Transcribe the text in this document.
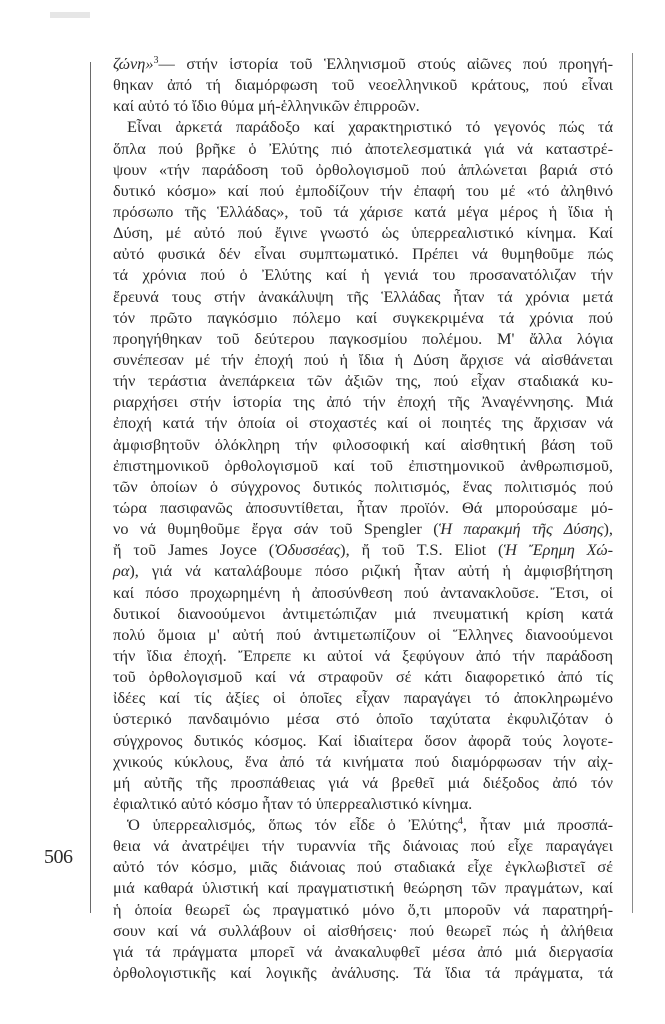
ζώνη»$^3$— στήν ἱστορία τοῦ Ἑλληνισμοῦ στούς αἰῶνες πού προηγή-
θηκαν ἀπό τή διαμόρφωση τοῦ νεοελληνικοῦ κράτους, πού εἶναι
καί αὐτό τό ἴδιο θύμα μή-ἑλληνικῶν ἐπιρροῶν.
Εἶναι ἀρκετά παράδοξο καί χαρακτηριστικό τό γεγονός πώς τά
ὅπλα πού βρῆκε ὁ Ἐλύτης πιό ἀποτελεσματικά γιά νά καταστρέ-
ψουν «τήν παράδοση τοῦ ὀρθολογισμοῦ πού ἁπλώνεται βαριά στό
δυτικό κόσμο» καί πού ἐμποδίζουν τήν ἐπαφή του μέ «τό ἀληθινό
πρόσωπο τῆς Ἑλλάδας», τοῦ τά χάρισε κατά μέγα μέρος ἡ ἴδια ἡ
Δύση, μέ αὐτό πού ἔγινε γνωστό ὡς ὑπερρεαλιστικό κίνημα. Καί
αὐτό φυσικά δέν εἶναι συμπτωματικό. Πρέπει νά θυμηθοῦμε πώς
τά χρόνια πού ὁ Ἐλύτης καί ἡ γενιά του προσανατόλιζαν τήν
ἔρευνά τους στήν ἀνακάλυψη τῆς Ἑλλάδας ἦταν τά χρόνια μετά
τόν πρῶτο παγκόσμιο πόλεμο καί συγκεκριμένα τά χρόνια πού
προηγήθηκαν τοῦ δεύτερου παγκοσμίου πολέμου. Μ' ἄλλα λόγια
συνέπεσαν μέ τήν ἐποχή πού ἡ ἴδια ἡ Δύση ἄρχισε νά αἰσθάνεται
τήν τεράστια ἀνεπάρκεια τῶν ἀξιῶν της, πού εἶχαν σταδιακά κυ-
ριαρχήσει στήν ἱστορία της ἀπό τήν ἐποχή τῆς Ἀναγέννησης. Μιά
ἐποχή κατά τήν ὁποία οἱ στοχαστές καί οἱ ποιητές της ἄρχισαν νά
ἀμφισβητοῦν ὁλόκληρη τήν φιλοσοφική καί αἰσθητική βάση τοῦ
ἐπιστημονικοῦ ὀρθολογισμοῦ καί τοῦ ἐπιστημονικοῦ ἀνθρωπισμοῦ,
τῶν ὁποίων ὁ σύγχρονος δυτικός πολιτισμός, ἕνας πολιτισμός πού
τώρα πασιφανῶς ἀποσυντίθεται, ἦταν προϊόν. Θά μπορούσαμε μό-
νο νά θυμηθοῦμε ἔργα σάν τοῦ Spengler (Ἡ παρακμή τῆς Δύσης),
ἤ τοῦ James Joyce (Ὀδυσσέας), ἤ τοῦ T.S. Eliot (Ἡ Ἔρημη Χώ-
ρα), γιά νά καταλάβουμε πόσο ριζική ἦταν αὐτή ἡ ἀμφισβήτηση
καί πόσο προχωρημένη ἡ ἀποσύνθεση πού ἀντανακλοῦσε. Ἔτσι, οἱ
δυτικοί διανοούμενοι ἀντιμετώπιζαν μιά πνευματική κρίση κατά
πολύ ὅμοια μ' αὐτή πού ἀντιμετωπίζουν οἱ Ἕλληνες διανοούμενοι
τήν ἴδια ἐποχή. Ἔπρεπε κι αὐτοί νά ξεφύγουν ἀπό τήν παράδοση
τοῦ ὀρθολογισμοῦ καί νά στραφοῦν σέ κάτι διαφορετικό ἀπό τίς
ἰδέες καί τίς ἀξίες οἱ ὁποῖες εἶχαν παραγάγει τό ἀποκληρωμένο
ὑστερικό πανδαιμόνιο μέσα στό ὁποῖο ταχύτατα ἐκφυλιζόταν ὁ
σύγχρονος δυτικός κόσμος. Καί ἰδιαίτερα ὅσον ἀφορᾶ τούς λογοτε-
χνικούς κύκλους, ἕνα ἀπό τά κινήματα πού διαμόρφωσαν τήν αἰχ-
μή αὐτῆς τῆς προσπάθειας γιά νά βρεθεῖ μιά διέξοδος ἀπό τόν
ἐφιαλτικό αὐτό κόσμο ἦταν τό ὑπερρεαλιστικό κίνημα.
Ὁ ὑπερρεαλισμός, ὅπως τόν εἶδε ὁ Ἐλύτης$^4$, ἦταν μιά προσπά-
θεια νά ἀνατρέψει τήν τυραννία τῆς διάνοιας πού εἶχε παραγάγει
αὐτό τόν κόσμο, μιᾶς διάνοιας πού σταδιακά εἶχε ἐγκλωβιστεῖ σέ
μιά καθαρά ὑλιστική καί πραγματιστική θεώρηση τῶν πραγμάτων, καί
ἡ ὁποία θεωρεῖ ὡς πραγματικό μόνο ὅ,τι μποροῦν νά παρατηρή-
σουν καί νά συλλάβουν οἱ αἰσθήσεις· πού θεωρεῖ πώς ἡ ἀλήθεια
γιά τά πράγματα μπορεῖ νά ἀνακαλυφθεῖ μέσα ἀπό μιά διεργασία
ὀρθολογιστικῆς καί λογικῆς ἀνάλυσης. Τά ἴδια τά πράγματα, τά
506
